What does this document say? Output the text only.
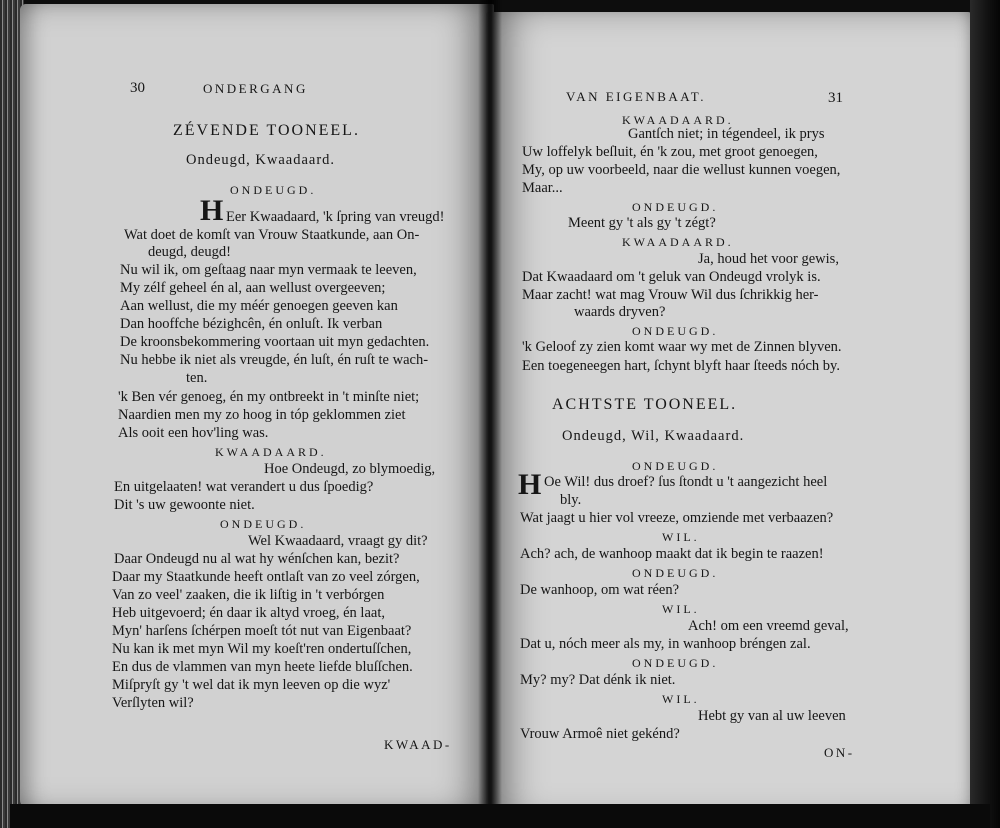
30	ONDERGANG
ZÉVENDE TOONEEL.
Ondeugd, Kwaadaard.
ONDEUGD.
H Eer Kwaadaard, 'k ſpring van vreugd!
Wat doet de komſt van Vrouw Staatkunde, aan On-
deugd, deugd!
Nu wil ik, om geſtaag naar myn vermaak te leeven,
My zélf geheel én al, aan wellust overgeeven;
Aan wellust, die my méér genoegen geeven kan
Dan hooffche bézighcên, én onluſt. Ik verban
De kroonsbekommering voortaan uit myn gedachten.
Nu hebbe ik niet als vreugde, én luſt, én ruſt te wach-
ten.
'k Ben vér genoeg, én my ontbreekt in 't minſte niet;
Naardien men my zo hoog in tóp geklommen ziet
Als ooit een hov'ling was.
KWAADAARD.
Hoe Ondeugd, zo blymoedig,
En uitgelaaten! wat verandert u dus ſpoedig?
Dit 's uw gewoonte niet.
ONDEUGD.
Wel Kwaadaard, vraagt gy dit?
Daar Ondeugd nu al wat hy wénſchen kan, bezit?
Daar my Staatkunde heeft ontlaſt van zo veel zórgen,
Van zo veel' zaaken, die ik liſtig in 't verbórgen
Heb uitgevoerd; én daar ik altyd vroeg, én laat,
Myn' harſens ſchérpen moeſt tót nut van Eigenbaat?
Nu kan ik met myn Wil my koeſt'ren ondertuſſchen,
En dus de vlammen van myn heete liefde bluſſchen.
Miſpryſt gy 't wel dat ik myn leeven op die wyz'
Verſlyten wil?
KWAAD-
VAN EIGENBAAT.	31
KWAADAARD.
Gantſch niet; in tégendeel, ik prys
Uw loffelyk beſluit, én 'k zou, met groot genoegen,
My, op uw voorbeeld, naar die wellust kunnen voegen,
Maar...
ONDEUGD.
Meent gy 't als gy 't zégt?
KWAADAARD.
Ja, houd het voor gewis,
Dat Kwaadaard om 't geluk van Ondeugd vrolyk is.
Maar zacht! wat mag Vrouw Wil dus ſchrikkig her-
waards dryven?
ONDEUGD.
'k Geloof zy zien komt waar wy met de Zinnen blyven.
Een toegeneegen hart, ſchynt blyft haar ſteeds nóch by.
ACHTSTE TOONEEL.
Ondeugd, Wil, Kwaadaard.
ONDEUGD.
H Oe Wil! dus droef? ſus ſtondt u 't aangezicht heel
bly.
Wat jaagt u hier vol vreeze, omziende met verbaazen?
WIL.
Ach? ach, de wanhoop maakt dat ik begin te raazen!
ONDEUGD.
De wanhoop, om wat réen?
WIL.
Ach! om een vreemd geval,
Dat u, nóch meer als my, in wanhoop bréngen zal.
ONDEUGD.
My? my? Dat dénk ik niet.
WIL.
Hebt gy van al uw leeven
Vrouw Armoê niet gekénd?
ON-
